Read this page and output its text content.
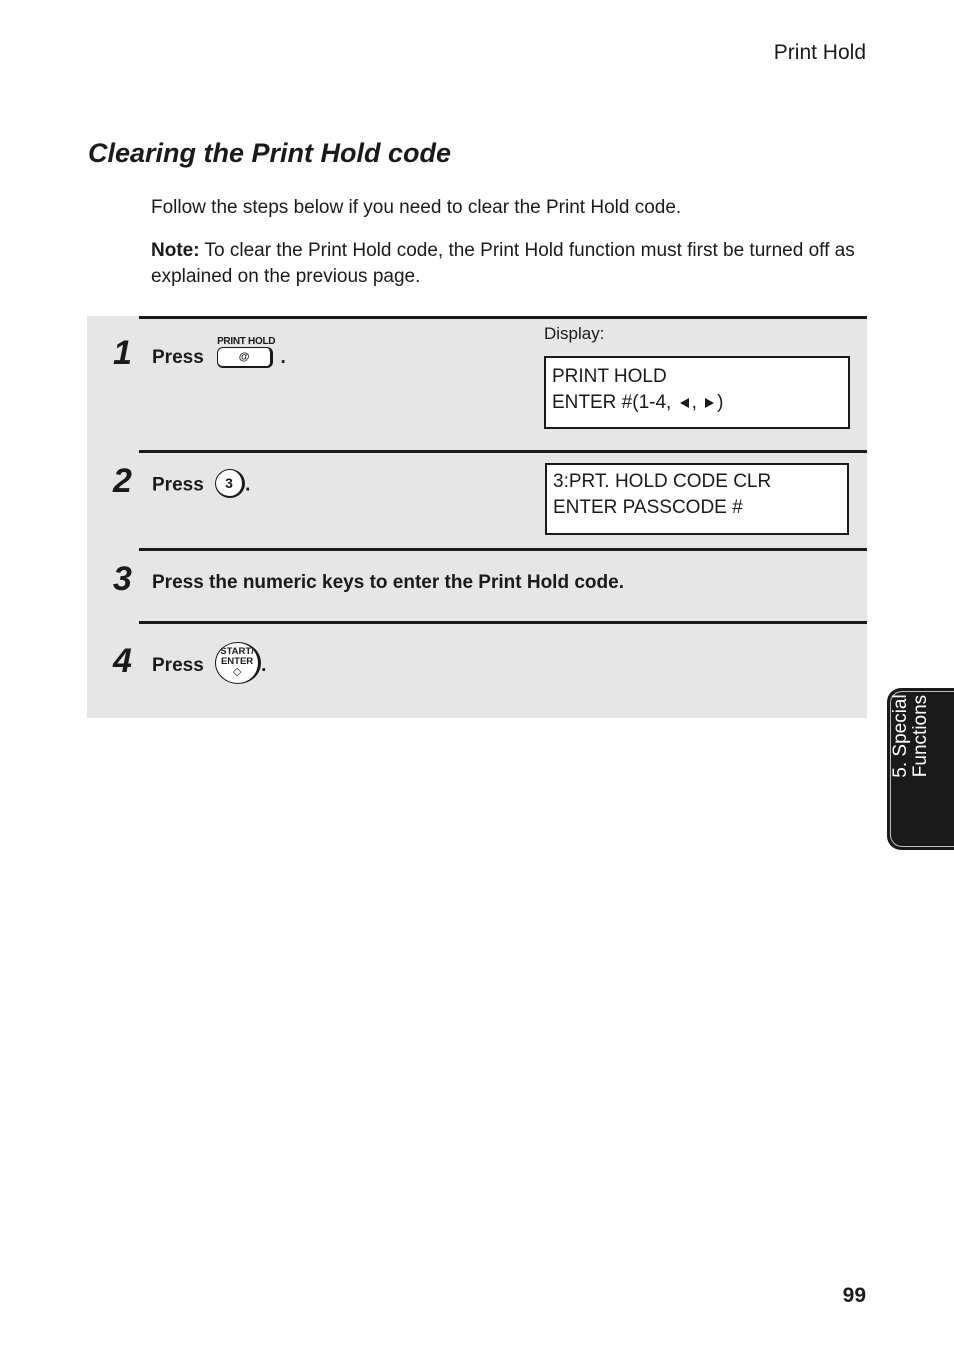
Print Hold
Clearing the Print Hold code
Follow the steps below if you need to clear the Print Hold code.
Note: To clear the Print Hold code, the Print Hold function must first be turned off as explained on the previous page.
1 Press
PRINT HOLD
@	.
Display:
PRINT HOLD
ENTER #(1-4, , )
2 Press 3 .	3:PRT. HOLD CODE CLR
ENTER PASSCODE #
3 Press the numeric keys to enter the Print Hold code.
4 Press
START/
ENTER
◇	.
5. Special Functions
99
